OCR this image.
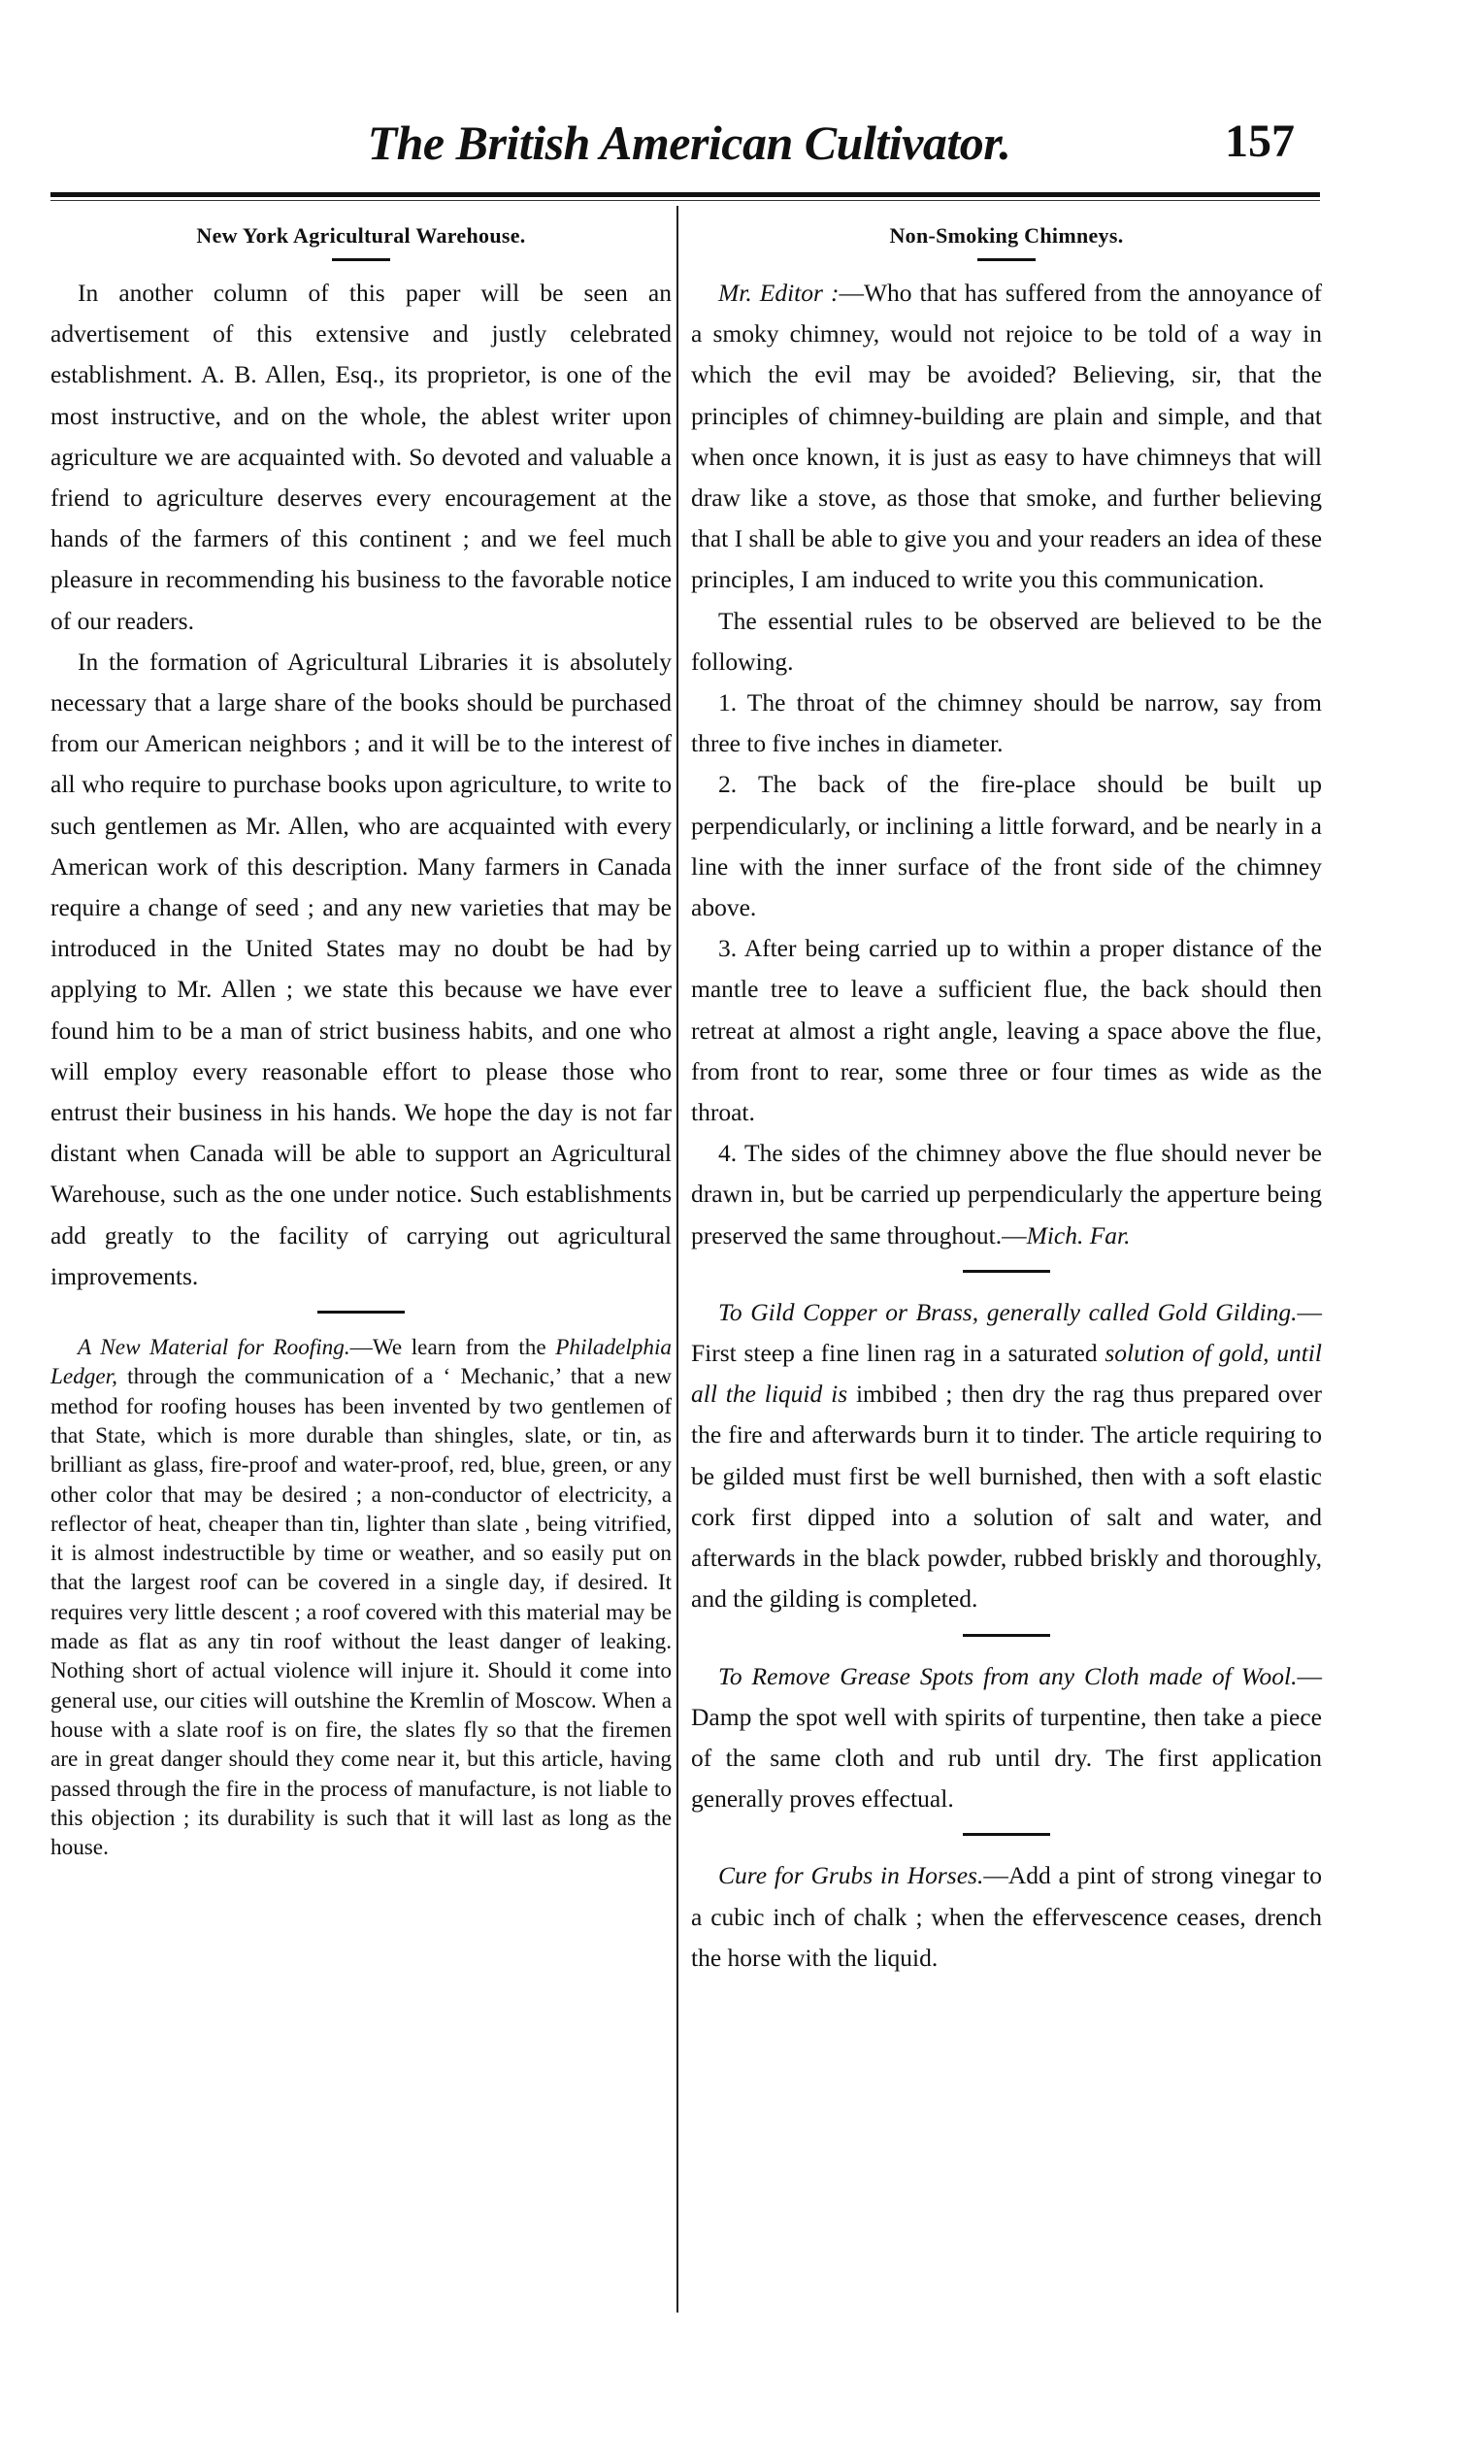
The British American Cultivator.	157
New York Agricultural Warehouse.

In another column of this paper will be seen an advertisement of this extensive and justly celebrated establishment. A. B. Allen, Esq., its proprietor, is one of the most instructive, and on the whole, the ablest writer upon agriculture we are acquainted with. So devoted and valuable a friend to agriculture deserves every encouragement at the hands of the farmers of this continent ; and we feel much pleasure in recommending his business to the favorable notice of our readers.

In the formation of Agricultural Libraries it is absolutely necessary that a large share of the books should be purchased from our American neighbors ; and it will be to the interest of all who require to purchase books upon agriculture, to write to such gentlemen as Mr. Allen, who are acquainted with every American work of this description. Many farmers in Canada require a change of seed ; and any new varieties that may be introduced in the United States may no doubt be had by applying to Mr. Allen ; we state this because we have ever found him to be a man of strict business habits, and one who will employ every reasonable effort to please those who entrust their business in his hands. We hope the day is not far distant when Canada will be able to support an Agricultural Warehouse, such as the one under notice. Such establishments add greatly to the facility of carrying out agricultural improvements.

A New Material for Roofing.—We learn from the Philadelphia Ledger, through the communication of a ‘ Mechanic,’ that a new method for roofing houses has been invented by two gentlemen of that State, which is more durable than shingles, slate, or tin, as brilliant as glass, fire-proof and water-proof, red, blue, green, or any other color that may be desired ; a non-conductor of electricity, a reflector of heat, cheaper than tin, lighter than slate , being vitrified, it is almost indestructible by time or weather, and so easily put on that the largest roof can be covered in a single day, if desired. It requires very little descent ; a roof covered with this material may be made as flat as any tin roof without the least danger of leaking. Nothing short of actual violence will injure it. Should it come into general use, our cities will outshine the Kremlin of Moscow. When a house with a slate roof is on fire, the slates fly so that the firemen are in great danger should they come near it, but this article, having passed through the fire in the process of manufacture, is not liable to this objection ; its durability is such that it will last as long as the house.

Non-Smoking Chimneys.

Mr. Editor :—Who that has suffered from the annoyance of a smoky chimney, would not rejoice to be told of a way in which the evil may be avoided? Believing, sir, that the principles of chimney-building are plain and simple, and that when once known, it is just as easy to have chimneys that will draw like a stove, as those that smoke, and further believing that I shall be able to give you and your readers an idea of these principles, I am induced to write you this communication.

The essential rules to be observed are believed to be the following.

1. The throat of the chimney should be narrow, say from three to five inches in diameter.

2. The back of the fire-place should be built up perpendicularly, or inclining a little forward, and be nearly in a line with the inner surface of the front side of the chimney above.

3. After being carried up to within a proper distance of the mantle tree to leave a sufficient flue, the back should then retreat at almost a right angle, leaving a space above the flue, from front to rear, some three or four times as wide as the throat.

4. The sides of the chimney above the flue should never be drawn in, but be carried up perpendicularly the apperture being preserved the same throughout.—Mich. Far.

To Gild Copper or Brass, generally called Gold Gilding.—First steep a fine linen rag in a saturated solution of gold, until all the liquid is imbibed ; then dry the rag thus prepared over the fire and afterwards burn it to tinder. The article requiring to be gilded must first be well burnished, then with a soft elastic cork first dipped into a solution of salt and water, and afterwards in the black powder, rubbed briskly and thoroughly, and the gilding is completed.

To Remove Grease Spots from any Cloth made of Wool.—Damp the spot well with spirits of turpentine, then take a piece of the same cloth and rub until dry. The first application generally proves effectual.

Cure for Grubs in Horses.—Add a pint of strong vinegar to a cubic inch of chalk ; when the effervescence ceases, drench the horse with the liquid.
